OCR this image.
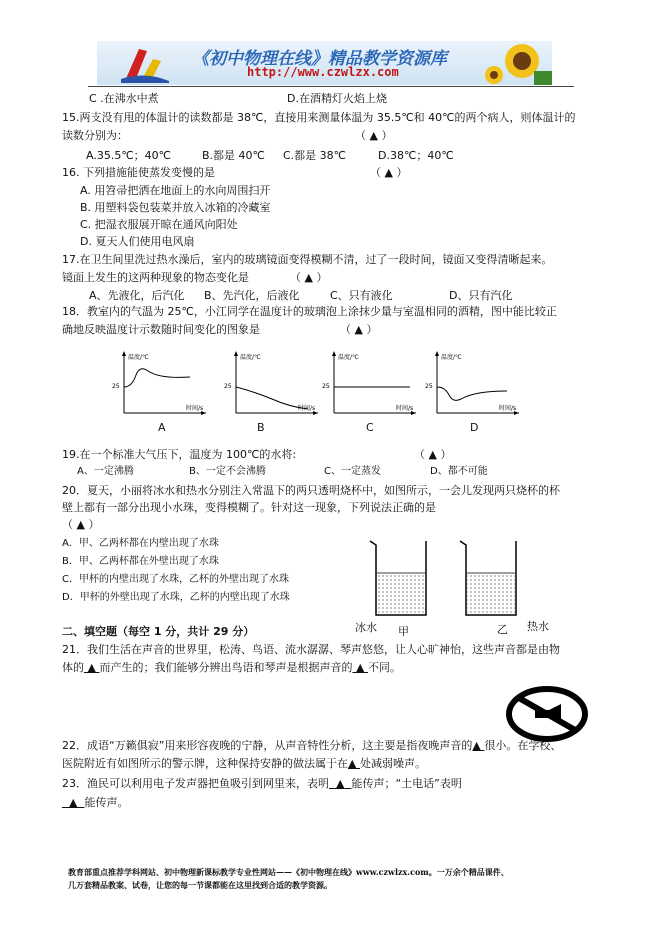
《初中物理在线》精品教学资源库
http://www.czwlzx.com
C .在沸水中煮	D.在酒精灯火焰上烧
15.两支没有甩的体温计的读数都是 38℃，直接用来测量体温为 35.5℃和 40℃的两个病人，则体温计的
读数分别为：	（ ▲ ）
A.35.5℃；40℃	B.都是 40℃ C.都是 38℃	D.38℃；40℃
16. 下列措施能使蒸发变慢的是	（ ▲ ）
A. 用笤帚把洒在地面上的水向周围扫开
B. 用塑料袋包装菜并放入冰箱的冷藏室
C. 把湿衣服展开晾在通风向阳处
D. 夏天人们使用电风扇
17.在卫生间里洗过热水澡后，室内的玻璃镜面变得模糊不清，过了一段时间，镜面又变得清晰起来。
镜面上发生的这两种现象的物态变化是	（ ▲ ）
A、先液化，后汽化 B、先汽化，后液化	C、只有液化	D、只有汽化
18．教室内的气温为 25℃，小江同学在温度计的玻璃泡上涂抹少量与室温相同的酒精，图中能比较正
确地反映温度计示数随时间变化的图象是	（ ▲ ）
温度/℃
25
时间/s
温度/℃
25
时间/s
温度/℃
25
时间/s
温度/℃
25
时间/s
A	B	C	D
19.在一个标准大气压下，温度为 100℃的水将:	（ ▲ ）
A、一定沸腾	B、一定不会沸腾	C、一定蒸发	D、都不可能
20．夏天，小丽将冰水和热水分别注入常温下的两只透明烧杯中，如图所示，一会儿发现两只烧杯的杯
壁上都有一部分出现小水珠，变得模糊了。针对这一现象，下列说法正确的是
（ ▲ ）
A．甲、乙两杯都在内壁出现了水珠
B．甲、乙两杯都在外壁出现了水珠
C．甲杯的内壁出现了水珠，乙杯的外壁出现了水珠
D．甲杯的外壁出现了水珠，乙杯的内壁出现了水珠
冰水 甲	乙 热水
二、填空题（每空 1 分，共计 29 分）
21．我们生活在声音的世界里，松涛、鸟语、流水潺潺、琴声悠悠，让人心旷神怡，这些声音都是由物
体的 ▲ 而产生的；我们能够分辨出鸟语和琴声是根据声音的 ▲ 不同。
22．成语“万籁俱寂”用来形容夜晚的宁静，从声音特性分析，这主要是指夜晚声音的▲ 很小。在学校、
医院附近有如图所示的警示牌，这种保持安静的做法属于在▲ 处减弱噪声。
23．渔民可以利用电子发声器把鱼吸引到网里来，表明 ▲ 能传声；“土电话”表明
▲ 能传声。
教育部重点推荐学科网站、初中物理新课标教学专业性网站——《初中物理在线》www.czwlzx.com。一万余个精品课件、
几万套精品教案、试卷，让您的每一节课都能在这里找到合适的教学资源。
